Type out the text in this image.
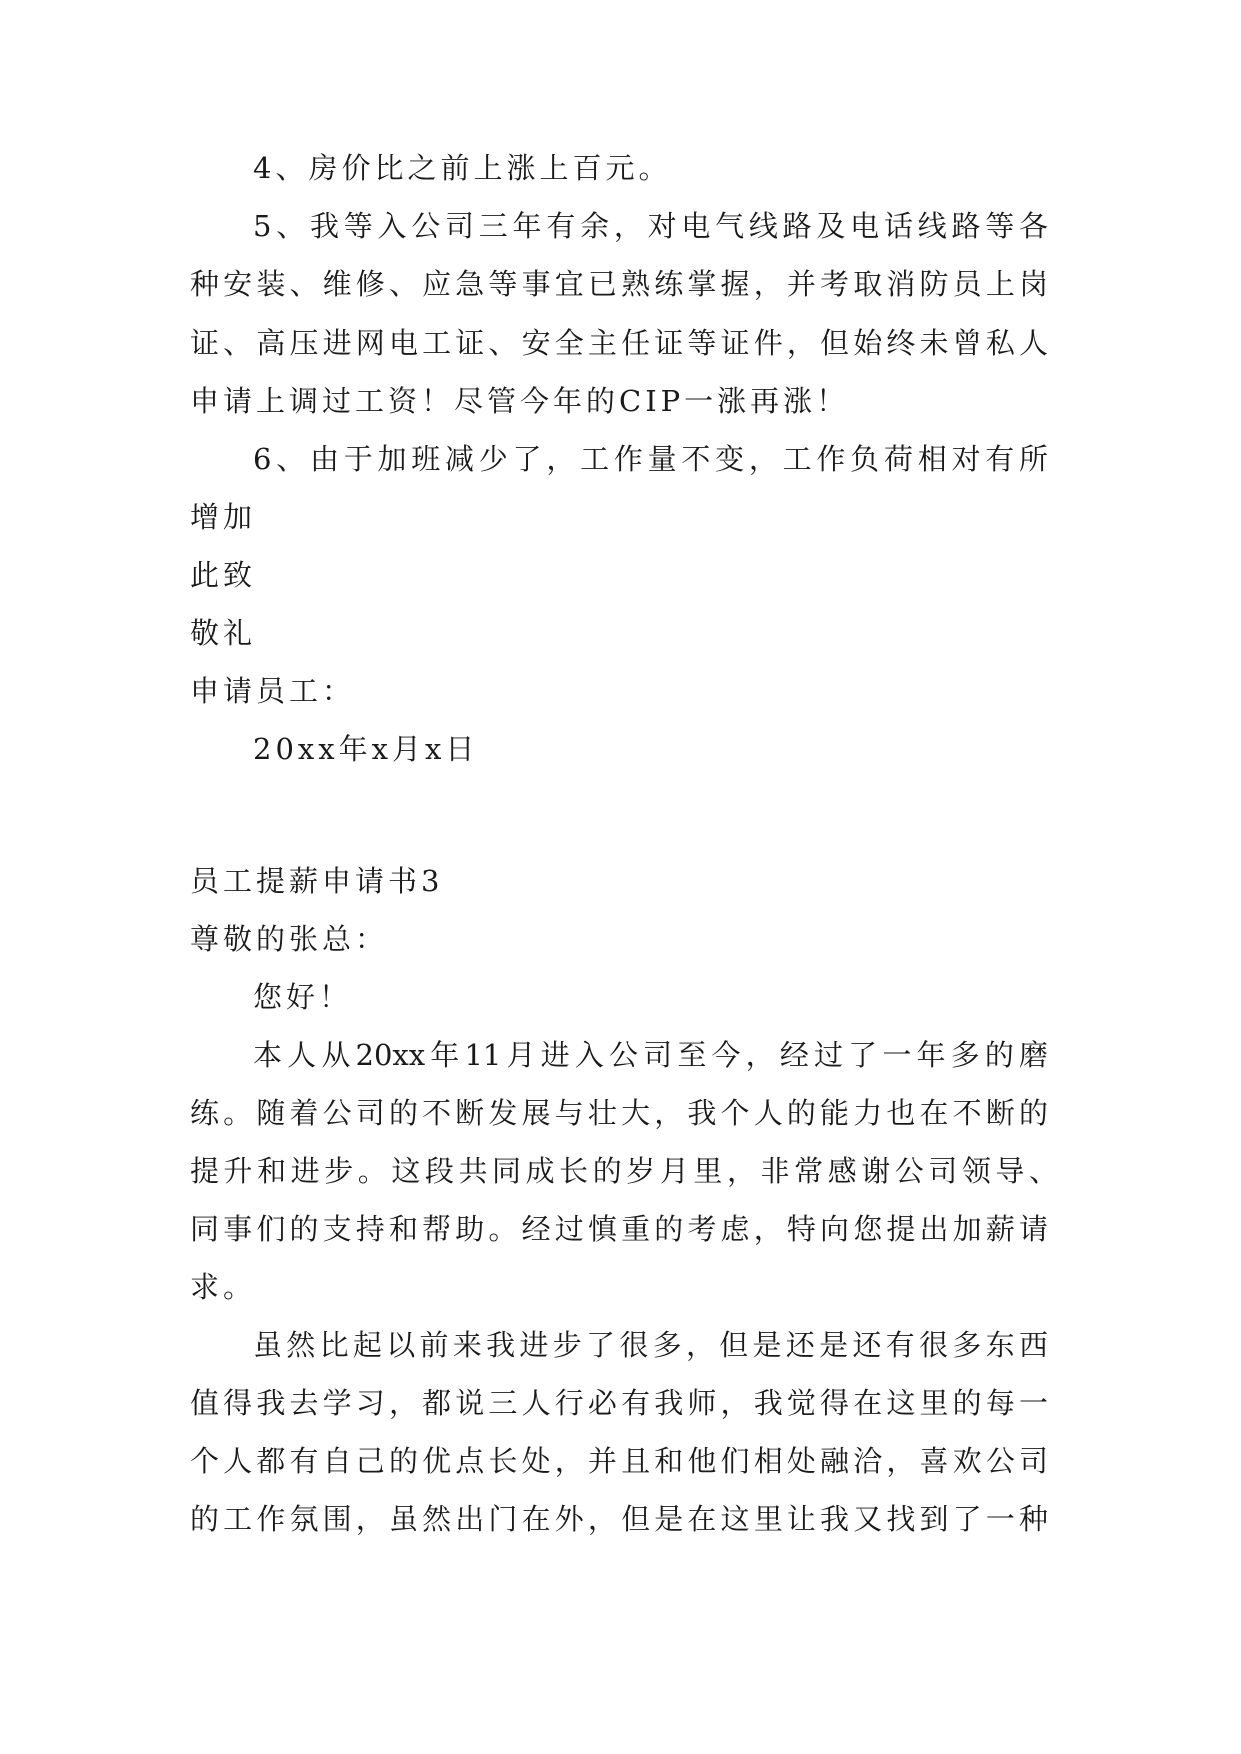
4、房价比之前上涨上百元。
5、我等入公司三年有余，对电气线路及电话线路等各
种安装、维修、应急等事宜已熟练掌握，并考取消防员上岗
证、高压进网电工证、安全主任证等证件，但始终未曾私人
申请上调过工资！尽管今年的CIP一涨再涨！
6、由于加班减少了，工作量不变，工作负荷相对有所
增加
此致
敬礼
申请员工：
20xx年x月x日
员工提薪申请书3
尊敬的张总：
您好！
本人从20xx年11月进入公司至今，经过了一年多的磨
练。随着公司的不断发展与壮大，我个人的能力也在不断的
提升和进步。这段共同成长的岁月里，非常感谢公司领导、
同事们的支持和帮助。经过慎重的考虑，特向您提出加薪请
求。
虽然比起以前来我进步了很多，但是还是还有很多东西
值得我去学习，都说三人行必有我师，我觉得在这里的每一
个人都有自己的优点长处，并且和他们相处融洽，喜欢公司
的工作氛围，虽然出门在外，但是在这里让我又找到了一种
